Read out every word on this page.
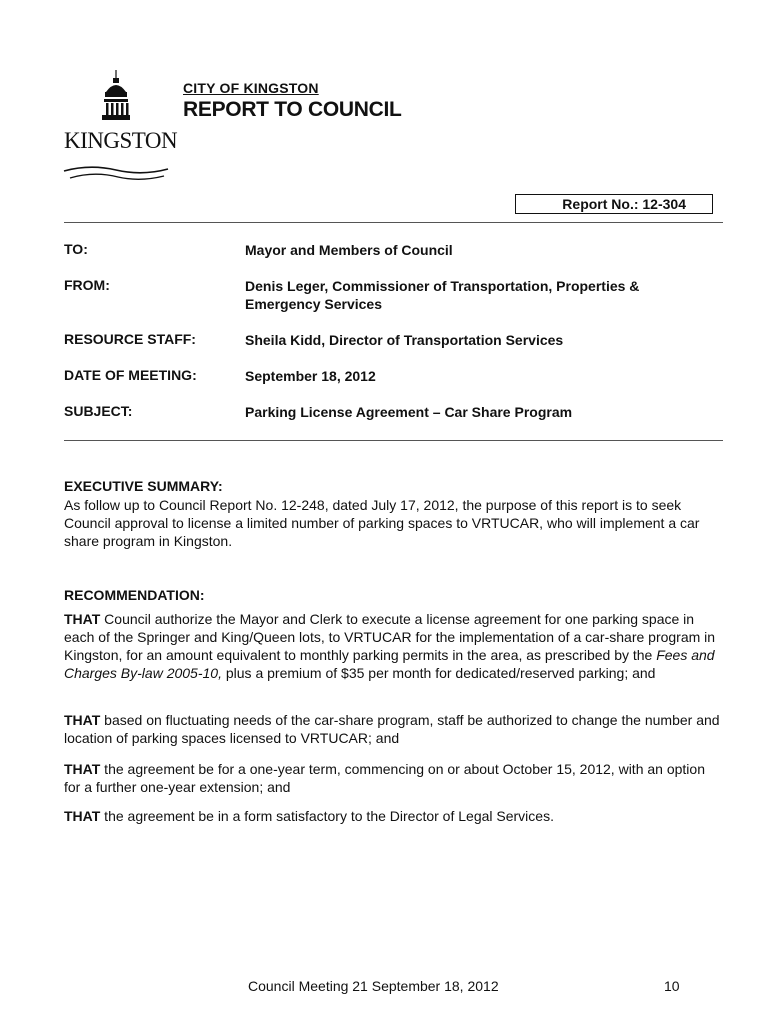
KINGSTON
CITY OF KINGSTON
REPORT TO COUNCIL
Report No.: 12-304
TO:	Mayor and Members of Council
FROM:	Denis Leger, Commissioner of Transportation, Properties & Emergency Services
RESOURCE STAFF:	Sheila Kidd, Director of Transportation Services
DATE OF MEETING:	September 18, 2012
SUBJECT:	Parking License Agreement – Car Share Program
EXECUTIVE SUMMARY:
As follow up to Council Report No. 12-248, dated July 17, 2012, the purpose of this report is to seek Council approval to license a limited number of parking spaces to VRTUCAR, who will implement a car share program in Kingston.
RECOMMENDATION:
THAT Council authorize the Mayor and Clerk to execute a license agreement for one parking space in each of the Springer and King/Queen lots, to VRTUCAR for the implementation of a car-share program in Kingston, for an amount equivalent to monthly parking permits in the area, as prescribed by the Fees and Charges By-law 2005-10, plus a premium of $35 per month for dedicated/reserved parking; and
THAT based on fluctuating needs of the car-share program, staff be authorized to change the number and location of parking spaces licensed to VRTUCAR; and
THAT the agreement be for a one-year term, commencing on or about October 15, 2012, with an option for a further one-year extension; and
THAT the agreement be in a form satisfactory to the Director of Legal Services.
Council Meeting 21 September 18, 2012	10
